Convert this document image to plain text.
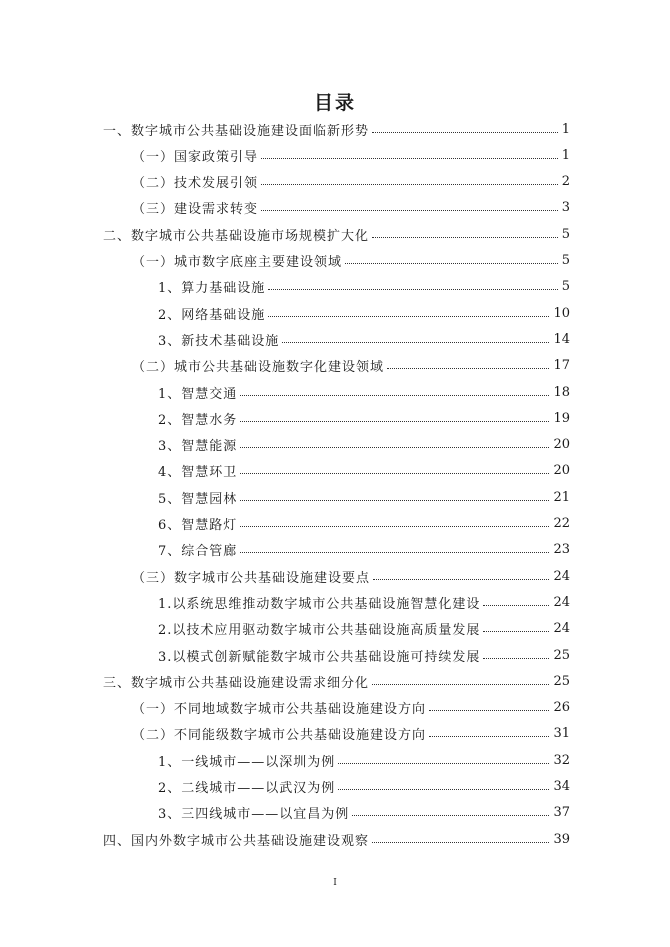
目录
一、数字城市公共基础设施建设面临新形势	1
（一）国家政策引导	1
（二）技术发展引领	2
（三）建设需求转变	3
二、数字城市公共基础设施市场规模扩大化	5
（一）城市数字底座主要建设领域	5
1、算力基础设施	5
2、网络基础设施	10
3、新技术基础设施	14
（二）城市公共基础设施数字化建设领域	17
1、智慧交通	18
2、智慧水务	19
3、智慧能源	20
4、智慧环卫	20
5、智慧园林	21
6、智慧路灯	22
7、综合管廊	23
（三）数字城市公共基础设施建设要点	24
1.以系统思维推动数字城市公共基础设施智慧化建设	24
2.以技术应用驱动数字城市公共基础设施高质量发展	24
3.以模式创新赋能数字城市公共基础设施可持续发展	25
三、数字城市公共基础设施建设需求细分化	25
（一）不同地域数字城市公共基础设施建设方向	26
（二）不同能级数字城市公共基础设施建设方向	31
1、一线城市——以深圳为例	32
2、二线城市——以武汉为例	34
3、三四线城市——以宜昌为例	37
四、国内外数字城市公共基础设施建设观察	39
I
